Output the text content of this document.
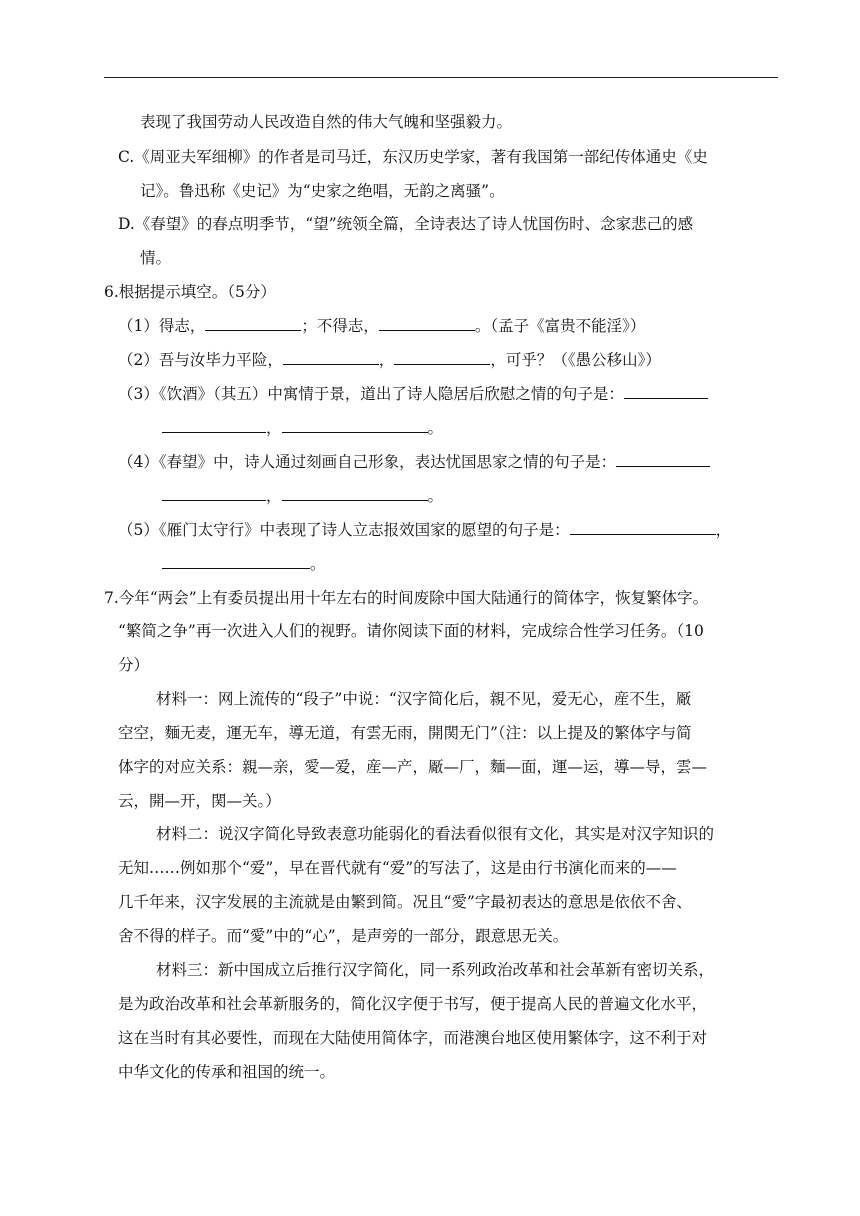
表现了我国劳动人民改造自然的伟大气魄和坚强毅力。
C.《周亚夫军细柳》的作者是司马迁，东汉历史学家，著有我国第一部纪传体通史《史
记》。鲁迅称《史记》为“史家之绝唱，无韵之离骚”。
D.《春望》的春点明季节，“望”统领全篇，全诗表达了诗人忧国伤时、念家悲己的感
情。
6.根据提示填空。（5分）
（1）得志，	；不得志，	。（孟子《富贵不能淫》）
（2）吾与汝毕力平险，	，	，可乎？（《愚公移山》）
（3）《饮酒》（其五）中寓情于景，道出了诗人隐居后欣慰之情的句子是：
，	。
（4）《春望》中，诗人通过刻画自己形象，表达忧国思家之情的句子是：
，	。
（5）《雁门太守行》中表现了诗人立志报效国家的愿望的句子是：	，
。
7.今年“两会”上有委员提出用十年左右的时间废除中国大陆通行的简体字，恢复繁体字。
“繁简之争”再一次进入人们的视野。请你阅读下面的材料，完成综合性学习任务。（10
分）
材料一：网上流传的“段子”中说：“汉字简化后，親不见，爱无心，産不生，厰
空空，麵无麦，運无车，導无道，有雲无雨，開関无门”（注：以上提及的繁体字与简
体字的对应关系：親—亲，愛—爱，産—产，厰—厂，麵—面，運—运，導—导，雲—
云，開—开，関—关。）
材料二：说汉字简化导致表意功能弱化的看法看似很有文化，其实是对汉字知识的
无知……例如那个“爱”，早在晋代就有“爱”的写法了，这是由行书演化而来的——
几千年来，汉字发展的主流就是由繁到简。况且“愛”字最初表达的意思是依依不舍、
舍不得的样子。而“愛”中的“心”，是声旁的一部分，跟意思无关。
材料三：新中国成立后推行汉字简化，同一系列政治改革和社会革新有密切关系，
是为政治改革和社会革新服务的，简化汉字便于书写，便于提高人民的普遍文化水平，
这在当时有其必要性，而现在大陆使用简体字，而港澳台地区使用繁体字，这不利于对
中华文化的传承和祖国的统一。
